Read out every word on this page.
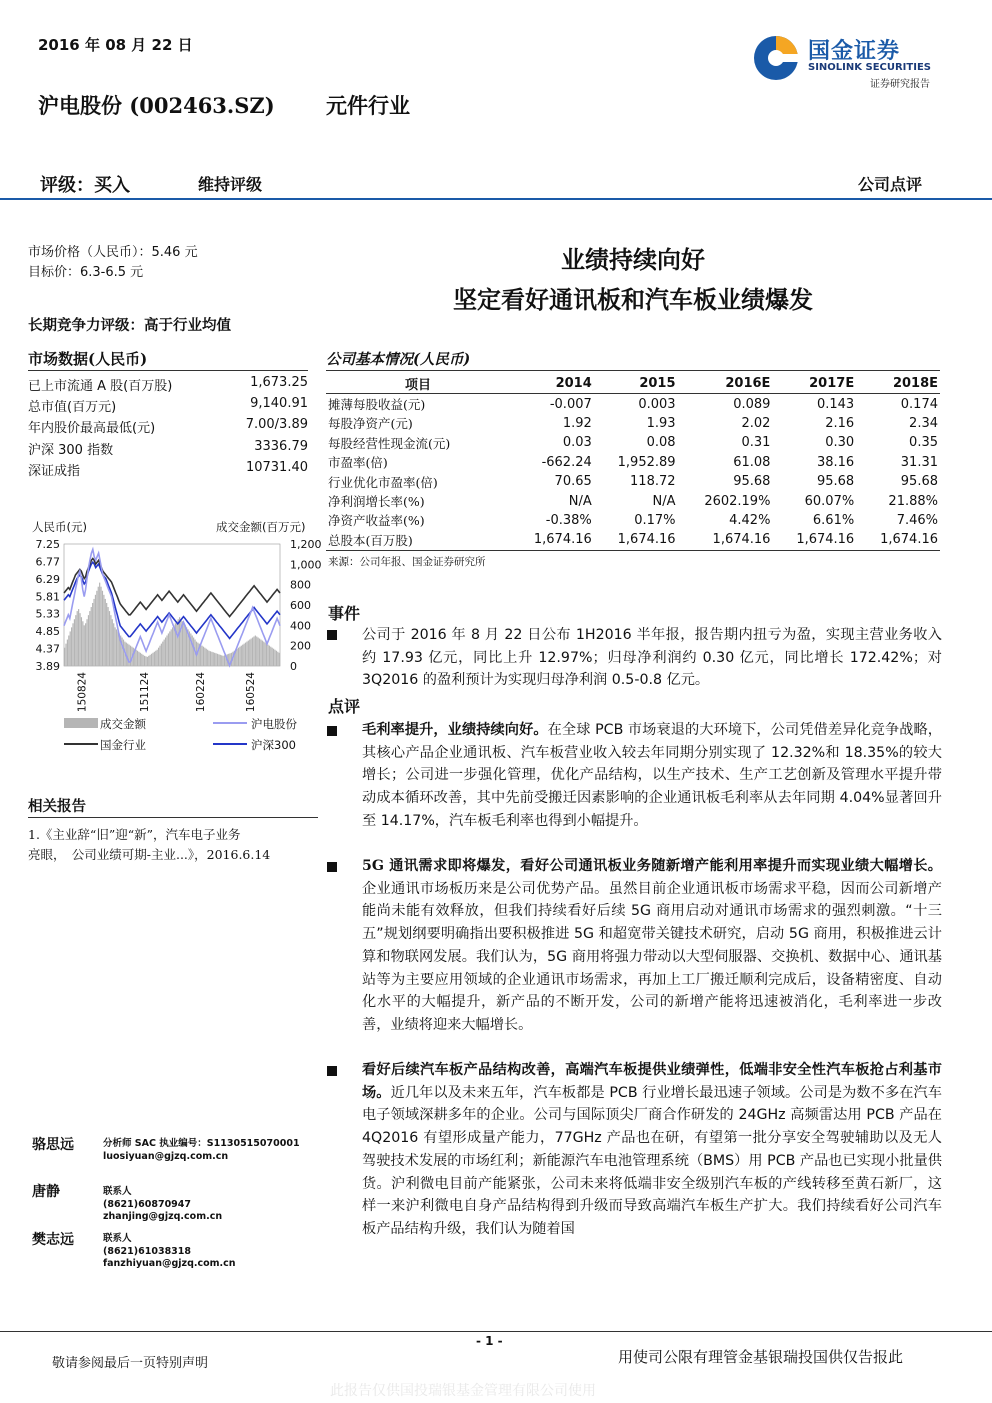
2016 年 08 月 22 日	国金证券
SINOLINK SECURITIES
证券研究报告
沪电股份 (002463.SZ) 元件行业
评级：买入	维持评级	公司点评
业绩持续向好
坚定看好通讯板和汽车板业绩爆发
市场价格（人民币）：5.46 元
目标价：6.3-6.5 元
长期竞争力评级：高于行业均值
市场数据(人民币)
已上市流通 A 股(百万股)	1,673.25
总市值(百万元)	9,140.91
年内股价最高最低(元)	7.00/3.89
沪深 300 指数	3336.79
深证成指	10731.40
人民币(元)	成交金额(百万元)
7.25
6.77
6.29
5.81
5.33
4.85
4.37
3.89
1,200
1,000
800
600
400
200
0
150824	151124	160224	160524
成交金额	沪电股份
国金行业	沪深300
相关报告
1.《主业辞“旧”迎“新”，汽车电子业务
亮眼，　公司业绩可期-主业...》，2016.6.14
骆思远	分析师 SAC 执业编号：S1130515070001
luosiyuan@gjzq.com.cn
唐静	联系人
(8621)60870947
zhanjing@gjzq.com.cn
樊志远	联系人
(8621)61038318
fanzhiyuan@gjzq.com.cn
公司基本情况(人民币)
项目	2014	2015	2016E	2017E	2018E
摊薄每股收益(元)	-0.007	0.003	0.089	0.143	0.174
每股净资产(元)	1.92	1.93	2.02	2.16	2.34
每股经营性现金流(元)	0.03	0.08	0.31	0.30	0.35
市盈率(倍)	-662.24	1,952.89	61.08	38.16	31.31
行业优化市盈率(倍)	70.65	118.72	95.68	95.68	95.68
净利润增长率(%)	N/A	N/A	2602.19%	60.07%	21.88%
净资产收益率(%)	-0.38%	0.17%	4.42%	6.61%	7.46%
总股本(百万股)	1,674.16	1,674.16	1,674.16	1,674.16	1,674.16
来源：公司年报、国金证券研究所
事件
公司于 2016 年 8 月 22 日公布 1H2016 半年报，报告期内扭亏为盈，实现主营业务收入约 17.93 亿元，同比上升 12.97%；归母净利润约 0.30 亿元，同比增长 172.42%；对 3Q2016 的盈利预计为实现归母净利润 0.5-0.8 亿元。
点评
毛利率提升，业绩持续向好。在全球 PCB 市场衰退的大环境下，公司凭借差异化竞争战略，其核心产品企业通讯板、汽车板营业收入较去年同期分别实现了 12.32%和 18.35%的较大增长；公司进一步强化管理，优化产品结构，以生产技术、生产工艺创新及管理水平提升带动成本循环改善，其中先前受搬迁因素影响的企业通讯板毛利率从去年同期 4.04%显著回升至 14.17%，汽车板毛利率也得到小幅提升。
5G 通讯需求即将爆发，看好公司通讯板业务随新增产能利用率提升而实现业绩大幅增长。企业通讯市场板历来是公司优势产品。虽然目前企业通讯板市场需求平稳，因而公司新增产能尚未能有效释放，但我们持续看好后续 5G 商用启动对通讯市场需求的强烈刺激。“十三五”规划纲要明确指出要积极推进 5G 和超宽带关键技术研究，启动 5G 商用，积极推进云计算和物联网发展。我们认为，5G 商用将强力带动以大型伺服器、交换机、数据中心、通讯基站等为主要应用领域的企业通讯市场需求，再加上工厂搬迁顺利完成后，设备精密度、自动化水平的大幅提升，新产品的不断开发，公司的新增产能将迅速被消化，毛利率进一步改善，业绩将迎来大幅增长。
看好后续汽车板产品结构改善，高端汽车板提供业绩弹性，低端非安全性汽车板抢占利基市场。近几年以及未来五年，汽车板都是 PCB 行业增长最迅速子领域。公司是为数不多在汽车电子领域深耕多年的企业。公司与国际顶尖厂商合作研发的 24GHz 高频雷达用 PCB 产品在 4Q2016 有望形成量产能力，77GHz 产品也在研，有望第一批分享安全驾驶辅助以及无人驾驶技术发展的市场红利；新能源汽车电池管理系统（BMS）用 PCB 产品也已实现小批量供货。沪利微电目前产能紧张，公司未来将低端非安全级别汽车板的产线转移至黄石新厂，这样一来沪利微电自身产品结构得到升级而导致高端汽车板生产扩大。我们持续看好公司汽车板产品结构升级，我们认为随着国
- 1 -
敬请参阅最后一页特别声明	用使司公限有理管金基银瑞投国供仅告报此
此报告仅供国投瑞银基金管理有限公司使用
